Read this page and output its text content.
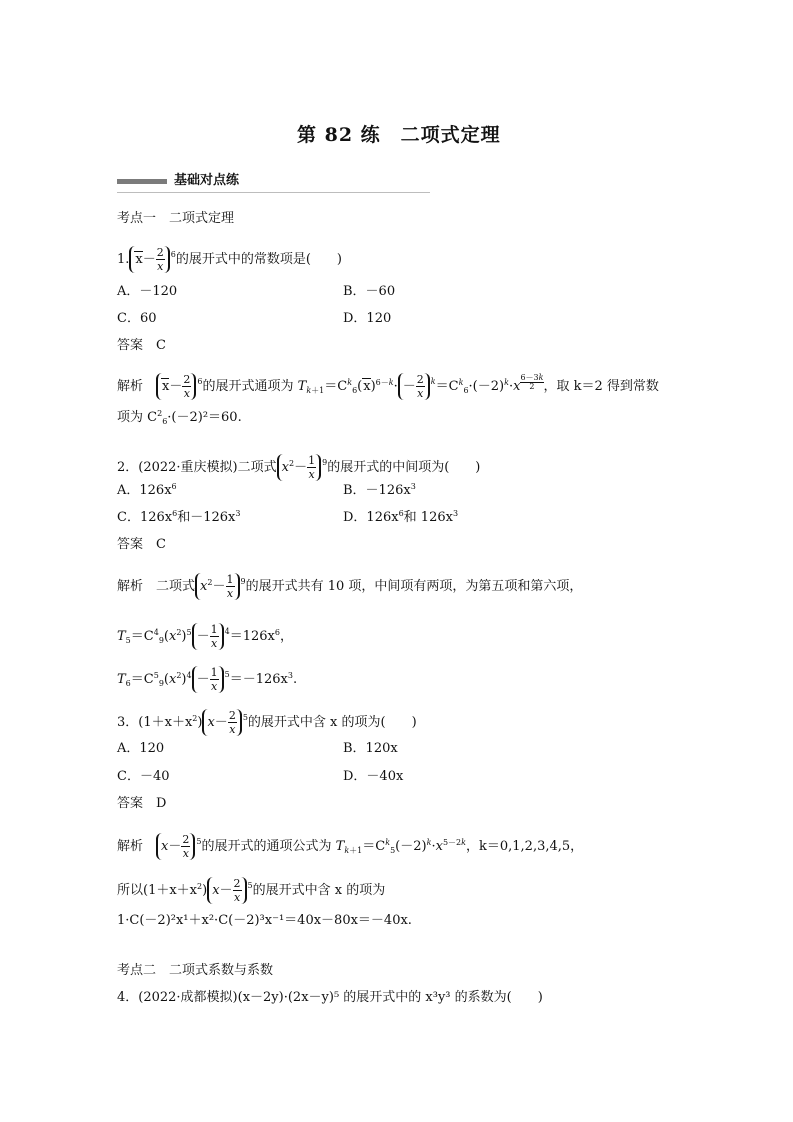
第 82 练　二项式定理
基础对点练
考点一　二项式定理
1. $x- \frac{2}{x} ^6$的展开式中的常数项是(　　)
A．－120	B．－60
C．60	D．120
答案　 C
解析　 $x- \frac{2}{x} ^6$的展开式通项为 $T_{k+1}=C^k_6(x)^{6-k}\cdot - \frac{2}{x} ^k=C^k_6\cdot(-2)^k\cdot x \frac{6-3k}{2}$ ，取 k＝2 得到常数
项为 $C^2_6\cdot(-2)^2=60$.
2．(2022·重庆模拟)二项式 $x^2- \frac{1}{x} ^9$的展开式的中间项为(　　)
A．$126x^6$	B．$-126x^3$
C．$126x^6$和$-126x^3$	D．$126x^6$和 $126x^3$
答案　 C
解析　 二项式 $x^2- \frac{1}{x} ^9$的展开式共有 10 项，中间项有两项，为第五项和第六项，
$T_5=C^4_9(x^2)^5 - \frac{1}{x} ^4=126x^6$，
$T_6=C^5_9(x^2)^4 - \frac{1}{x} ^5=-126x^3$.
3．$(1+x+x^2)$ $x- \frac{2}{x} ^5$的展开式中含 x 的项为(　　)
A．120	B．120x
C．－40	D．－40x
答案　 D
解析　 $x- \frac{2}{x} ^5$的展开式的通项公式为 $T_{k+1}=C^k_5(-2)^k\cdot x^{5-2k}$，k＝0,1,2,3,4,5，
所以$(1+x+x^2)$ $x- \frac{2}{x} ^5$的展开式中含 x 的项为
1·C(－2)²x¹＋x²·C(－2)³x⁻¹＝40x－80x＝－40x.
考点二　二项式系数与系数
4．(2022·成都模拟)(x－2y)·(2x－y)⁵ 的展开式中的 x³y³ 的系数为(　　)
